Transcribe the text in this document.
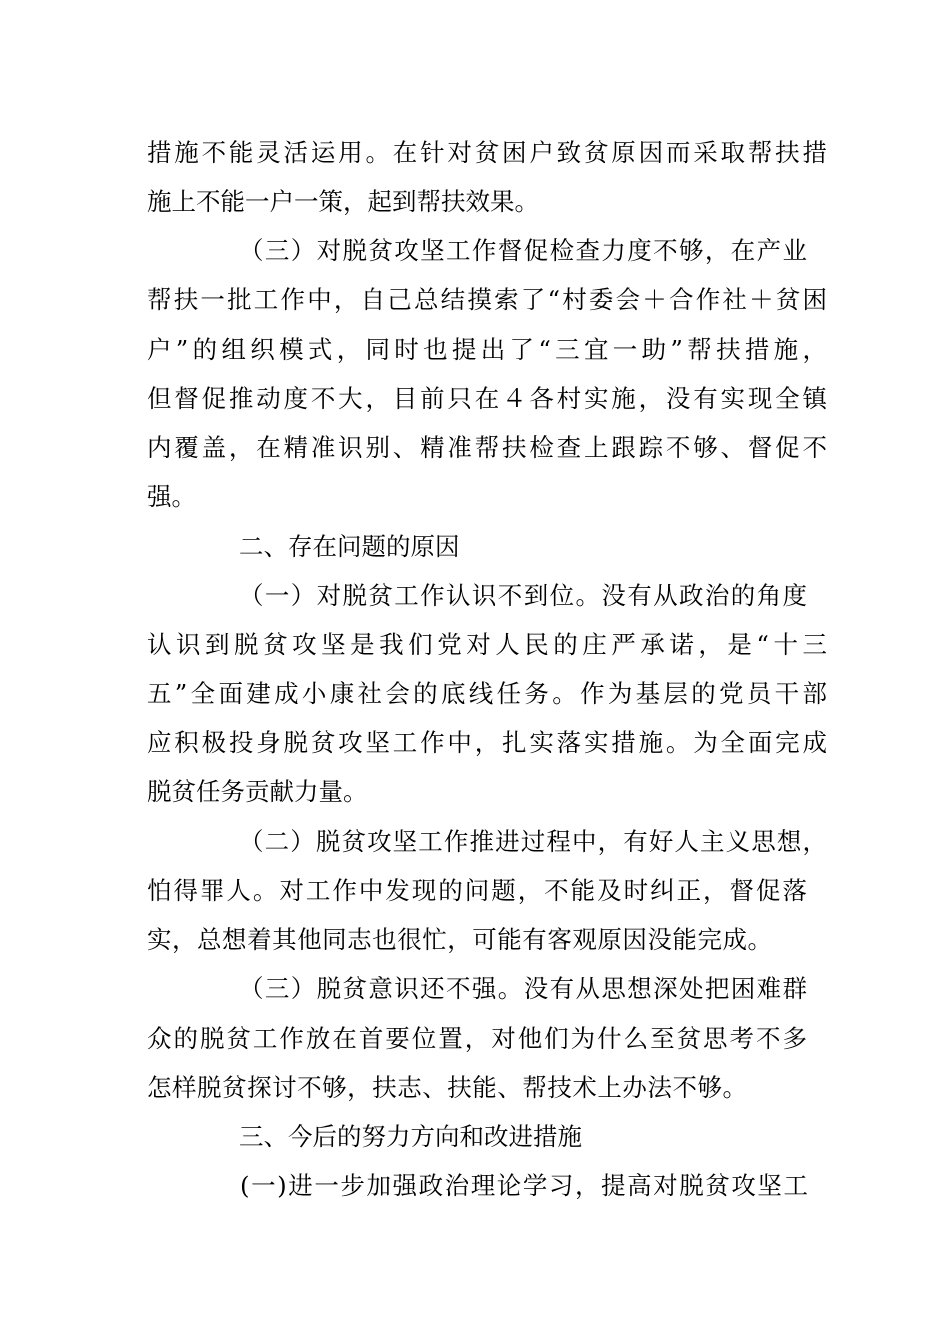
措施不能灵活运用。在针对贫困户致贫原因而采取帮扶措
施上不能一户一策，起到帮扶效果。
（三）对脱贫攻坚工作督促检查力度不够，在产业
帮扶一批工作中，自己总结摸索了“村委会＋合作社＋贫困
户”的组织模式，同时也提出了“三宜一助”帮扶措施，
但督促推动度不大，目前只在４各村实施，没有实现全镇
内覆盖，在精准识别、精准帮扶检查上跟踪不够、督促不
强。
二、存在问题的原因
（一）对脱贫工作认识不到位。没有从政治的角度
认识到脱贫攻坚是我们党对人民的庄严承诺，是“十三
五”全面建成小康社会的底线任务。作为基层的党员干部
应积极投身脱贫攻坚工作中，扎实落实措施。为全面完成
脱贫任务贡献力量。
（二）脱贫攻坚工作推进过程中，有好人主义思想，
怕得罪人。对工作中发现的问题，不能及时纠正，督促落
实，总想着其他同志也很忙，可能有客观原因没能完成。
（三）脱贫意识还不强。没有从思想深处把困难群
众的脱贫工作放在首要位置，对他们为什么至贫思考不多
怎样脱贫探讨不够，扶志、扶能、帮技术上办法不够。
三、今后的努力方向和改进措施
(一)进一步加强政治理论学习，提高对脱贫攻坚工
